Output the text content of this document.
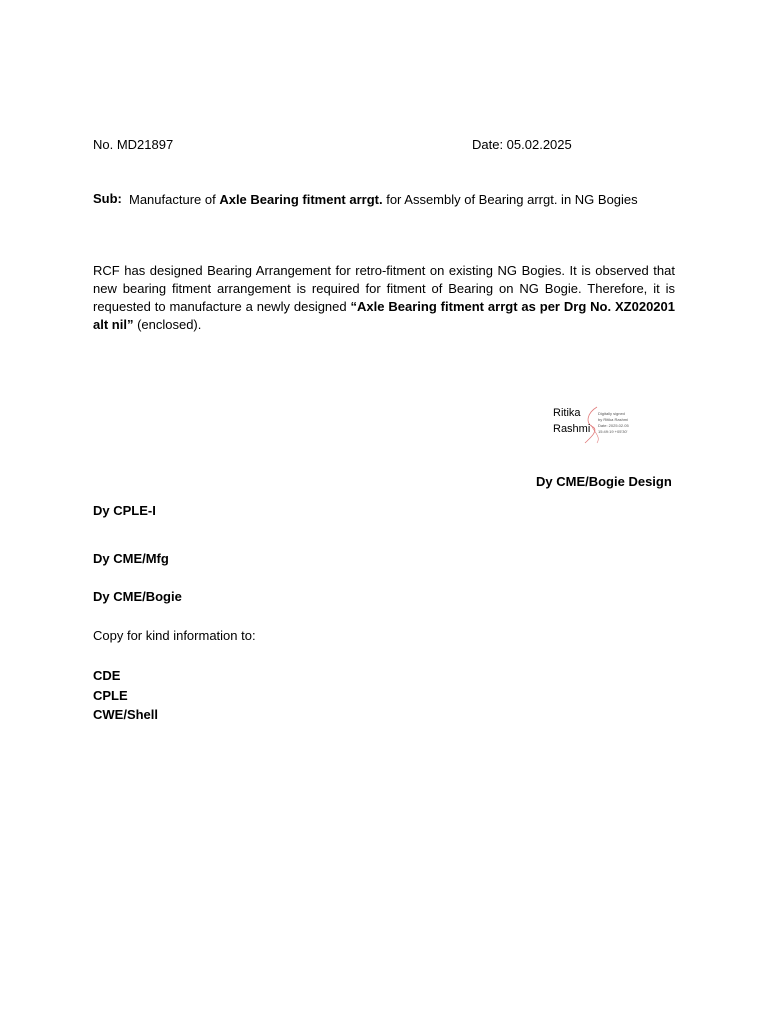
No. MD21897	Date: 05.02.2025
Sub: Manufacture of Axle Bearing fitment arrgt. for Assembly of Bearing arrgt. in NG Bogies
RCF has designed Bearing Arrangement for retro-fitment on existing NG Bogies. It is observed that new bearing fitment arrangement is required for fitment of Bearing on NG Bogie. Therefore, it is requested to manufacture a newly designed “Axle Bearing fitment arrgt as per Drg No. XZ020201 alt nil” (enclosed).
Ritika
Rashmi
Digitally signed
by Ritika Rashmi
Date: 2025.02.05
15:49:19 +05'30'
Dy CME/Bogie Design
Dy CPLE-I
Dy CME/Mfg
Dy CME/Bogie
Copy for kind information to:
CDE
CPLE
CWE/Shell
